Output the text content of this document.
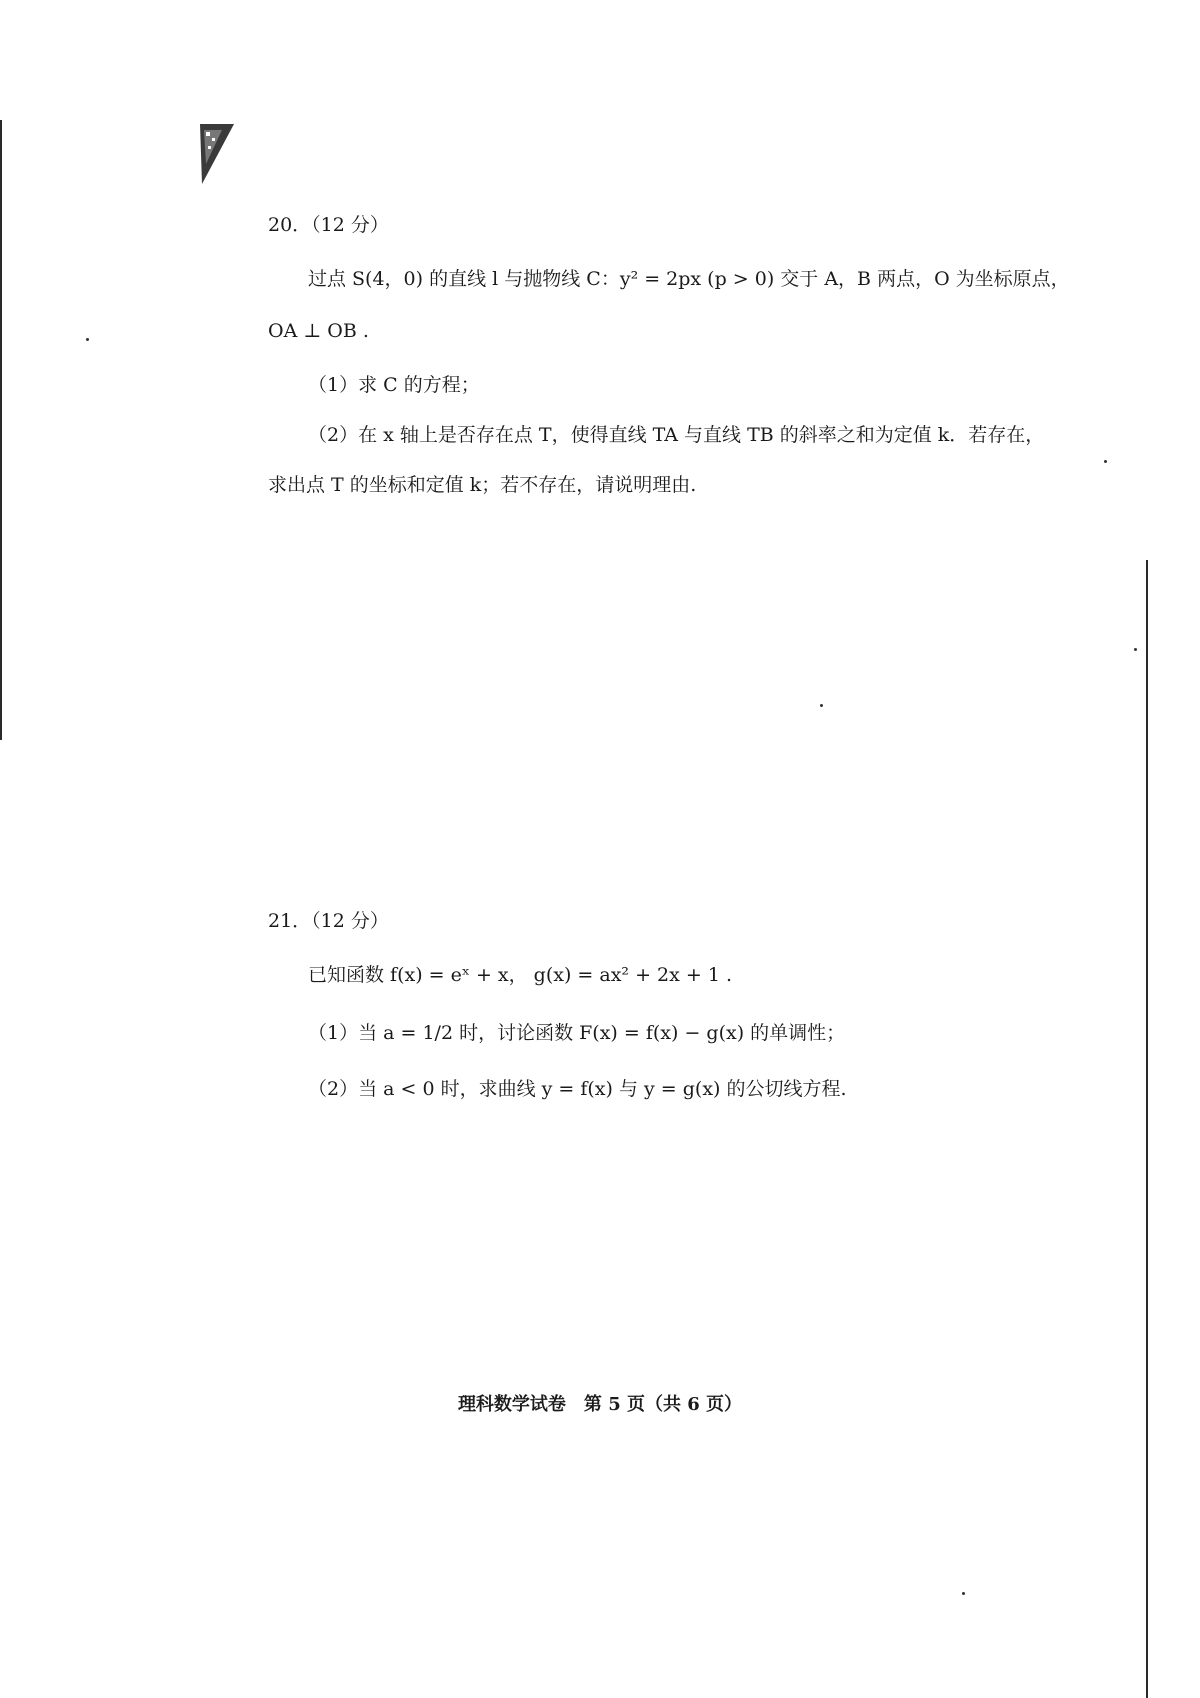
20．（12 分）
过点 S(4，0) 的直线 l 与抛物线 C：y² = 2px (p > 0) 交于 A，B 两点，O 为坐标原点，
OA ⊥ OB .
（1）求 C 的方程；
（2）在 x 轴上是否存在点 T，使得直线 TA 与直线 TB 的斜率之和为定值 k．若存在，
求出点 T 的坐标和定值 k；若不存在，请说明理由.
21．（12 分）
已知函数 f(x) = eˣ + x， g(x) = ax² + 2x + 1 .
（1）当 a = 1/2 时，讨论函数 F(x) = f(x) − g(x) 的单调性；
（2）当 a < 0 时，求曲线 y = f(x) 与 y = g(x) 的公切线方程.
理科数学试卷　第 5 页（共 6 页）
